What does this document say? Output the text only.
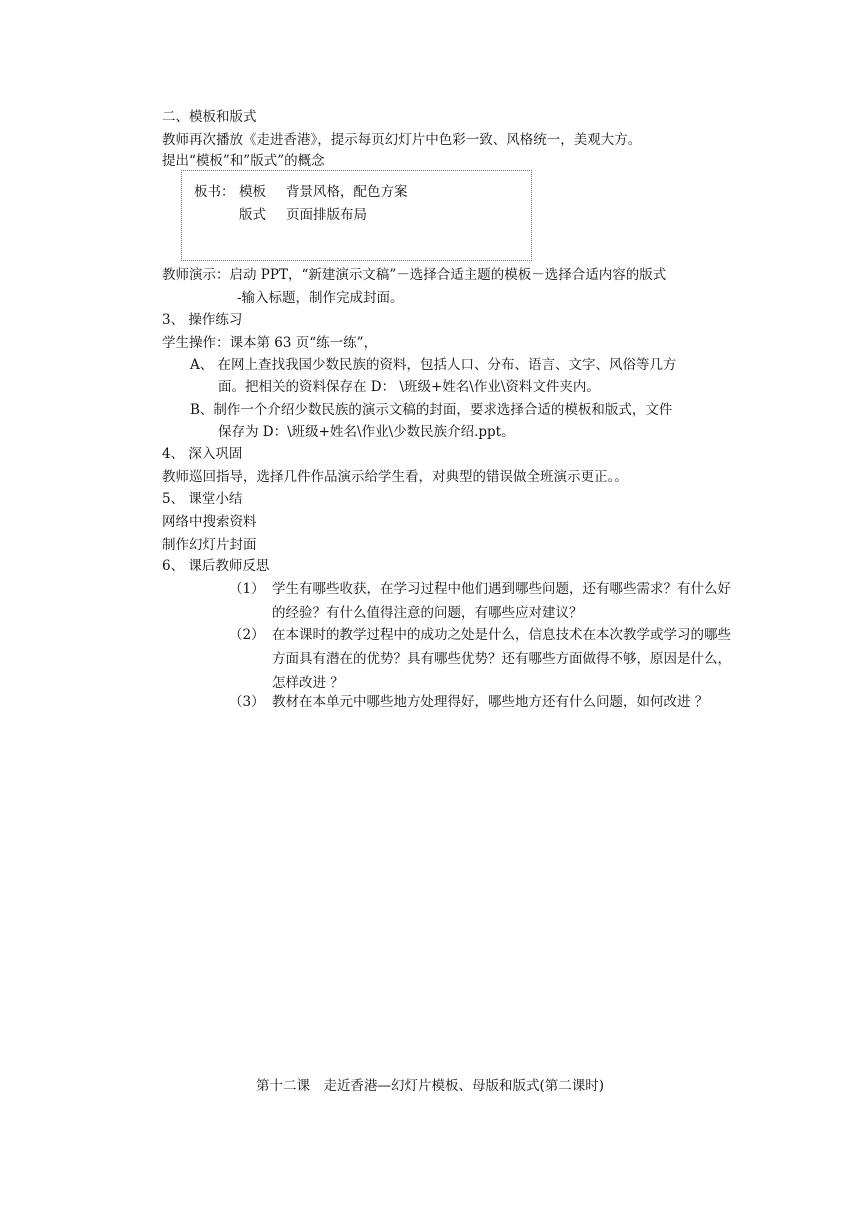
二、模板和版式
教师再次播放《走进香港》，提示每页幻灯片中色彩一致、风格统一，美观大方。
提出“模板”和”版式”的概念
板书： 模板 背景风格，配色方案
版式 页面排版布局
教师演示：启动 PPT，“新建演示文稿”－选择合适主题的模板－选择合适内容的版式
-输入标题，制作完成封面。
3、 操作练习
学生操作：课本第 63 页“练一练”，
A、 在网上查找我国少数民族的资料，包括人口、分布、语言、文字、风俗等几方
面。把相关的资料保存在 D： \班级+姓名\作业\资料文件夹内。
B、制作一个介绍少数民族的演示文稿的封面，要求选择合适的模板和版式，文件
保存为 D：\班级+姓名\作业\少数民族介绍.ppt。
4、 深入巩固
教师巡回指导，选择几件作品演示给学生看，对典型的错误做全班演示更正。。
5、 课堂小结
网络中搜索资料
制作幻灯片封面
6、 课后教师反思
（1） 学生有哪些收获，在学习过程中他们遇到哪些问题，还有哪些需求？有什么好的经验？有什么值得注意的问题，有哪些应对建议？
（2） 在本课时的教学过程中的成功之处是什么，信息技术在本次教学或学习的哪些方面具有潜在的优势？具有哪些优势？还有哪些方面做得不够，原因是什么，怎样改进 ？
（3） 教材在本单元中哪些地方处理得好，哪些地方还有什么问题，如何改进 ？
第十二课　走近香港—幻灯片模板、母版和版式(第二课时)
